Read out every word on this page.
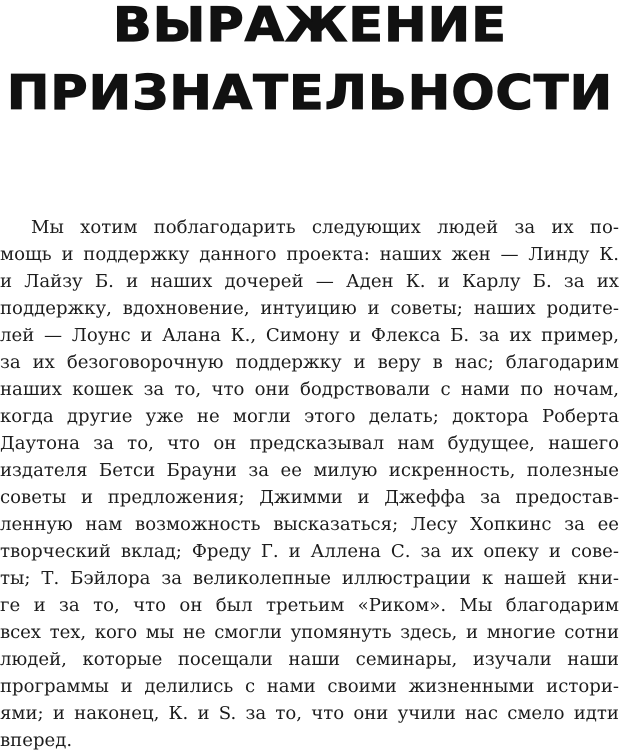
ВЫРАЖЕНИЕ
ПРИЗНАТЕЛЬНОСТИ
Мы хотим поблагодарить следующих людей за их по-
мощь и поддержку данного проекта: наших жен — Линду К.
и Лайзу Б. и наших дочерей — Аден К. и Карлу Б. за их
поддержку, вдохновение, интуицию и советы; наших родите-
лей — Лоунс и Алана К., Симону и Флекса Б. за их пример,
за их безоговорочную поддержку и веру в нас; благодарим
наших кошек за то, что они бодрствовали с нами по ночам,
когда другие уже не могли этого делать; доктора Роберта
Даутона за то, что он предсказывал нам будущее, нашего
издателя Бетси Брауни за ее милую искренность, полезные
советы и предложения; Джимми и Джеффа за предостав-
ленную нам возможность высказаться; Лесу Хопкинс за ее
творческий вклад; Фреду Г. и Аллена С. за их опеку и сове-
ты; Т. Бэйлора за великолепные иллюстрации к нашей кни-
ге и за то, что он был третьим «Риком». Мы благодарим
всех тех, кого мы не смогли упомянуть здесь, и многие сотни
людей, которые посещали наши семинары, изучали наши
программы и делились с нами своими жизненными истори-
ями; и наконец, К. и S. за то, что они учили нас смело идти
вперед.
